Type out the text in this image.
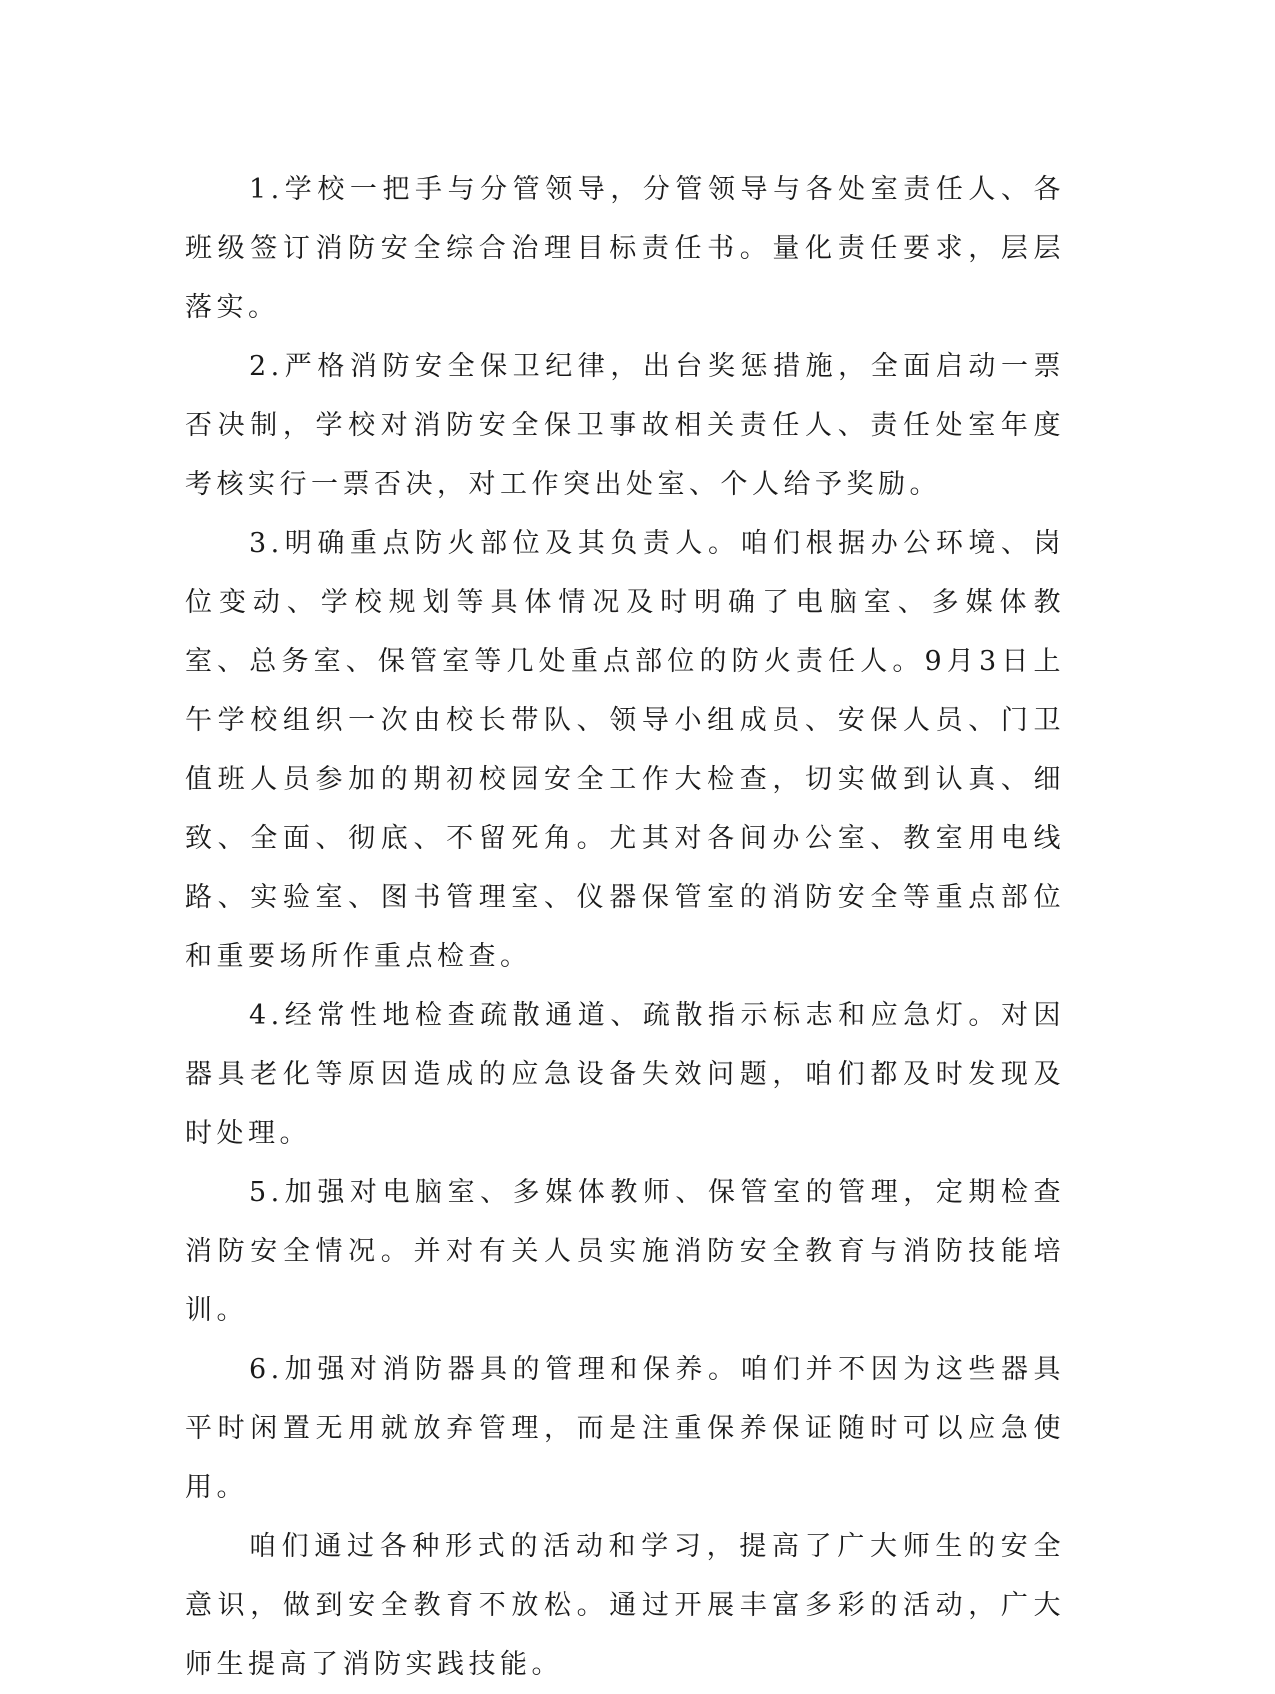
1.学校一把手与分管领导，分管领导与各处室责任人、各班级签订消防安全综合治理目标责任书。量化责任要求，层层落实。

2.严格消防安全保卫纪律，出台奖惩措施，全面启动一票否决制，学校对消防安全保卫事故相关责任人、责任处室年度考核实行一票否决，对工作突出处室、个人给予奖励。

3.明确重点防火部位及其负责人。咱们根据办公环境、岗位变动、学校规划等具体情况及时明确了电脑室、多媒体教室、总务室、保管室等几处重点部位的防火责任人。9月3日上午学校组织一次由校长带队、领导小组成员、安保人员、门卫值班人员参加的期初校园安全工作大检查，切实做到认真、细致、全面、彻底、不留死角。尤其对各间办公室、教室用电线路、实验室、图书管理室、仪器保管室的消防安全等重点部位和重要场所作重点检查。

4.经常性地检查疏散通道、疏散指示标志和应急灯。对因器具老化等原因造成的应急设备失效问题，咱们都及时发现及时处理。

5.加强对电脑室、多媒体教师、保管室的管理，定期检查消防安全情况。并对有关人员实施消防安全教育与消防技能培训。

6.加强对消防器具的管理和保养。咱们并不因为这些器具平时闲置无用就放弃管理，而是注重保养保证随时可以应急使用。

咱们通过各种形式的活动和学习，提高了广大师生的安全意识，做到安全教育不放松。通过开展丰富多彩的活动，广大师生提高了消防实践技能。
